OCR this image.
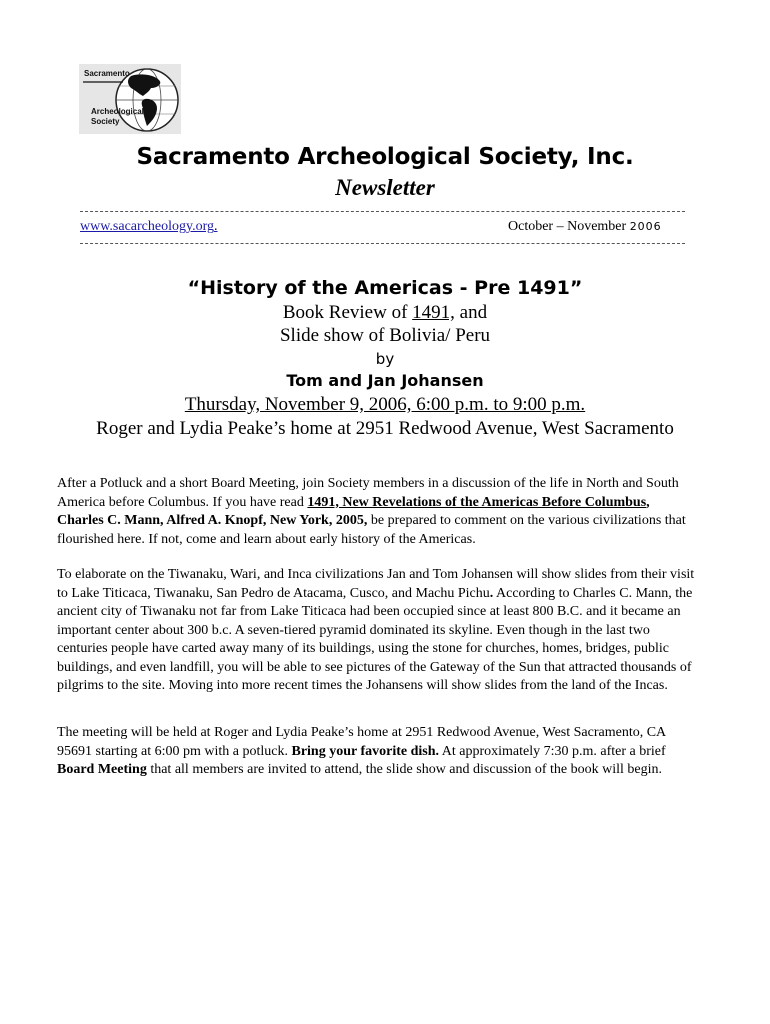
Sacramento
Archeological
Society
Sacramento Archeological Society, Inc.
Newsletter
www.sacarcheology.org.	October – November 2006

“History of the Americas - Pre 1491”

Book Review of 1491, and

Slide show of Bolivia/ Peru

by

Tom and Jan Johansen

Thursday, November 9, 2006, 6:00 p.m. to 9:00 p.m.

Roger and Lydia Peake’s home at 2951 Redwood Avenue, West Sacramento

After a Potluck and a short Board Meeting, join Society members in a discussion of the life in North and South America before Columbus. If you have read 1491, New Revelations of the Americas Before Columbus, Charles C. Mann, Alfred A. Knopf, New York, 2005, be prepared to comment on the various civilizations that flourished here. If not, come and learn about early history of the Americas.

To elaborate on the Tiwanaku, Wari, and Inca civilizations Jan and Tom Johansen will show slides from their visit to Lake Titicaca, Tiwanaku, San Pedro de Atacama, Cusco, and Machu Pichu. According to Charles C. Mann, the ancient city of Tiwanaku not far from Lake Titicaca had been occupied since at least 800 B.C. and it became an important center about 300 b.c. A seven-tiered pyramid dominated its skyline. Even though in the last two centuries people have carted away many of its buildings, using the stone for churches, homes, bridges, public buildings, and even landfill, you will be able to see pictures of the Gateway of the Sun that attracted thousands of pilgrims to the site. Moving into more recent times the Johansens will show slides from the land of the Incas.

The meeting will be held at Roger and Lydia Peake’s home at 2951 Redwood Avenue, West Sacramento, CA 95691 starting at 6:00 pm with a potluck. Bring your favorite dish. At approximately 7:30 p.m. after a brief Board Meeting that all members are invited to attend, the slide show and discussion of the book will begin.
